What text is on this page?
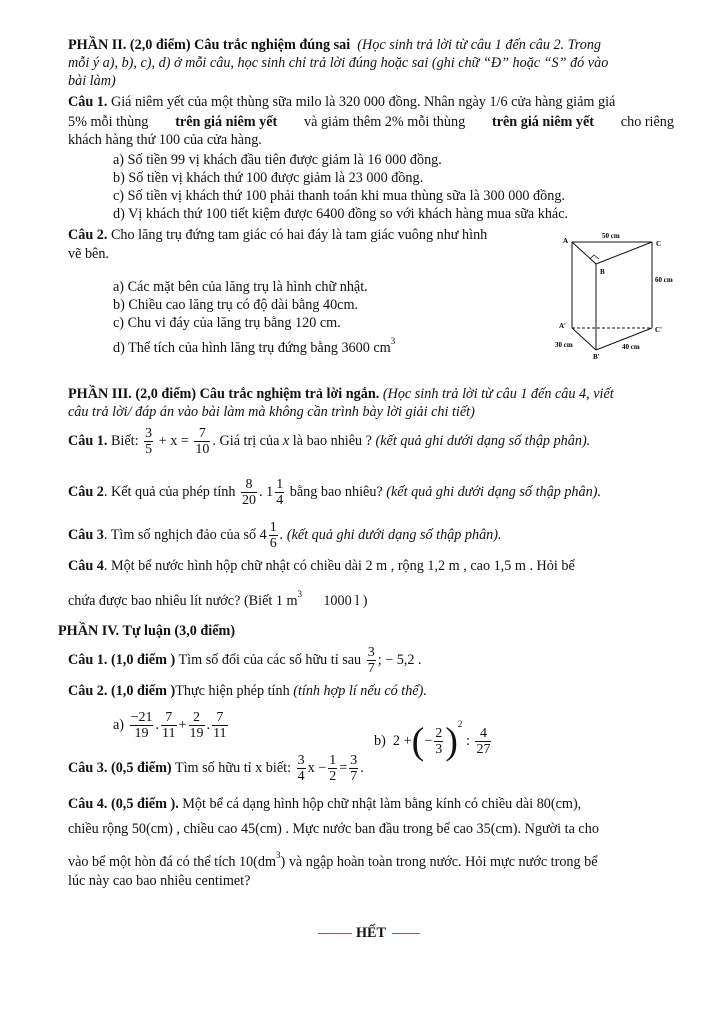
PHẦN II. (2,0 điểm) Câu trắc nghiệm đúng sai (Học sinh trả lời từ câu 1 đến câu 2. Trong
mỗi ý a), b), c), d) ở mỗi câu, học sinh chỉ trả lời đúng hoặc sai (ghi chữ “Đ” hoặc “S” đó vào
bài làm)
Câu 1. Giá niêm yết của một thùng sữa milo là 320 000 đồng. Nhân ngày 1/6 cửa hàng giảm giá
5% mỗi thùng trên giá niêm yết và giảm thêm 2% mỗi thùng trên giá niêm yết cho riêng
khách hàng thứ 100 của cửa hàng.
a) Số tiền 99 vị khách đầu tiên được giảm là 16 000 đồng.
b) Số tiền vị khách thứ 100 được giảm là 23 000 đồng.
c) Số tiền vị khách thứ 100 phải thanh toán khi mua thùng sữa là 300 000 đồng.
d) Vị khách thứ 100 tiết kiệm được 6400 đồng so với khách hàng mua sữa khác.
Câu 2. Cho lăng trụ đứng tam giác có hai đáy là tam giác vuông như hình
vẽ bên.
a) Các mặt bên của lăng trụ là hình chữ nhật.
b) Chiều cao lăng trụ có độ dài bằng 40cm.
c) Chu vi đáy của lăng trụ bằng 120 cm.
d) Thể tích của hình lăng trụ đứng bằng 3600 $cm^3$
A	C
B
A'	C'
B'
50 cm
60 cm
30 cm	40 cm
PHẦN III. (2,0 điểm) Câu trắc nghiệm trả lời ngắn. (Học sinh trả lời từ câu 1 đến câu 4, viết
câu trả lời/ đáp án vào bài làm mà không cần trình bày lời giải chi tiết)
Câu 1. Biết: $\frac{3}{5} + x = \frac{7}{10}$ . Giá trị của x là bao nhiêu ? (kết quả ghi dưới dạng số thập phân).
Câu 2. Kết quả của phép tính $\frac{8}{20}$ . $1 \frac{1}{4}$ bằng bao nhiêu? (kết quả ghi dưới dạng số thập phân).
Câu 3. Tìm số nghịch đảo của số $4 \frac{1}{6}$ . (kết quả ghi dưới dạng số thập phân).
Câu 4. Một bể nước hình hộp chữ nhật có chiều dài 2 m , rộng 1,2 m , cao 1,5 m . Hỏi bể
chứa được bao nhiêu lít nước? (Biết 1 $m^3$ 1000 l )
PHẦN IV. Tự luận (3,0 điểm)
Câu 1. (1,0 điểm ) Tìm số đối của các số hữu tỉ sau $\frac{3}{7}$ ; − 5,2 .
Câu 2. (1,0 điểm )Thực hiện phép tính (tính hợp lí nếu có thể).
$a) \frac{-21}{19}$ . $\frac{7}{11} + \frac{2}{19}$ . $\frac{7}{11}$	b) 2 +(− $\frac{2}{3} )^2$ : $\frac{4}{27}$
Câu 3. (0,5 điểm) Tìm số hữu tỉ x biết: $\frac{3}{4}$ $x - \frac{1}{2} = \frac{3}{7}$ .
Câu 4. (0,5 điểm ). Một bể cá dạng hình hộp chữ nhật làm bằng kính có chiều dài 80(cm),
chiều rộng 50(cm) , chiều cao 45(cm) . Mực nước ban đầu trong bể cao 35(cm). Người ta cho
vào bể một hòn đá có thể tích $10(dm^3)$ và ngập hoàn toàn trong nước. Hỏi mực nước trong bể
lúc này cao bao nhiêu centimet?
HẾT
